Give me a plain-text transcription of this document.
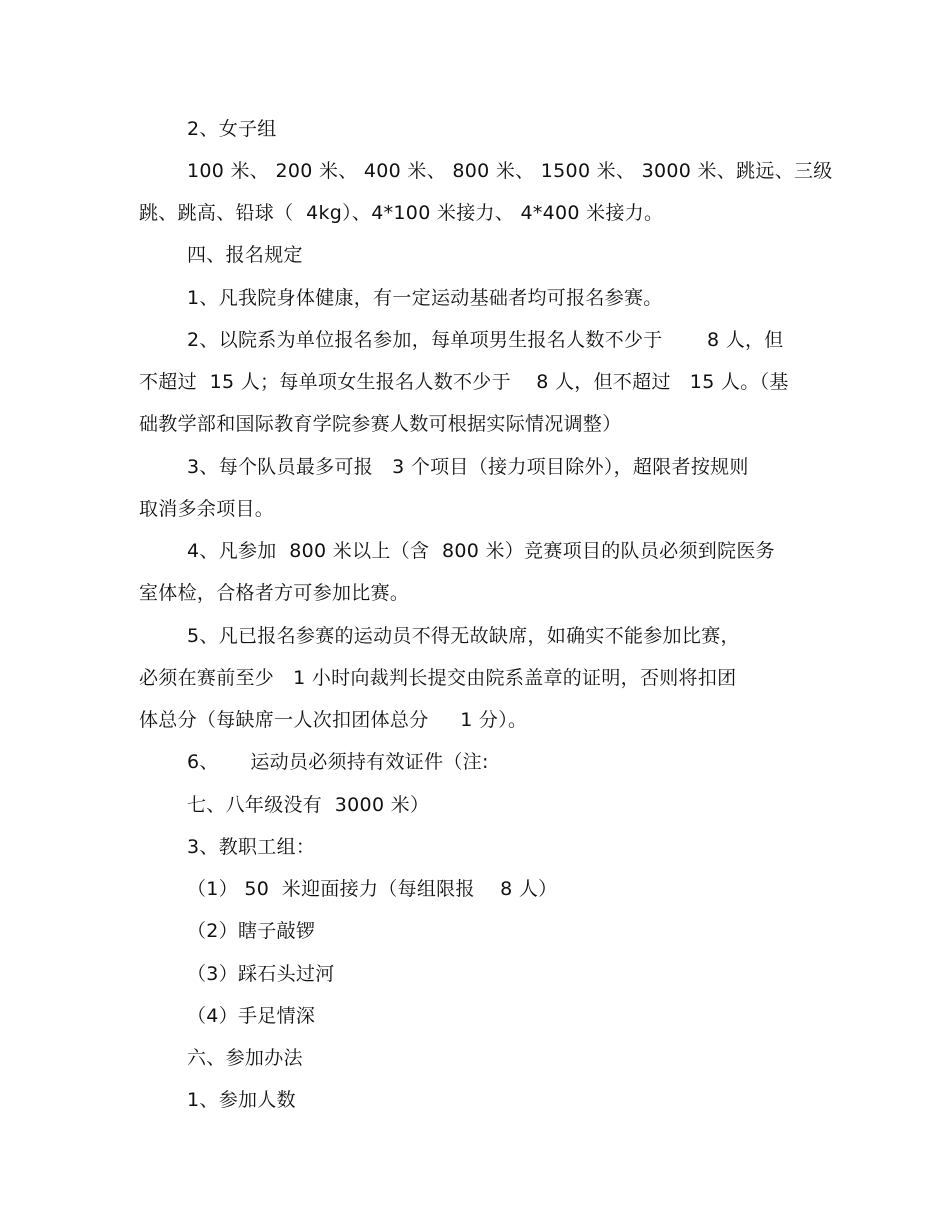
2、女子组
100 米、 200 米、 400 米、 800 米、 1500 米、 3000 米、跳远、三级
跳、跳高、铅球（  4kg）、4*100 米接力、 4*400 米接力。
四、报名规定
1、凡我院身体健康，有一定运动基础者均可报名参赛。
2、以院系为单位报名参加，每单项男生报名人数不少于       8 人，但
不超过  15 人；每单项女生报名人数不少于    8 人，但不超过   15 人。（基
础教学部和国际教育学院参赛人数可根据实际情况调整）
3、每个队员最多可报   3 个项目（接力项目除外），超限者按规则
取消多余项目。
4、凡参加  800 米以上（含  800 米）竞赛项目的队员必须到院医务
室体检，合格者方可参加比赛。
5、凡已报名参赛的运动员不得无故缺席，如确实不能参加比赛，
必须在赛前至少   1 小时向裁判长提交由院系盖章的证明，否则将扣团
体总分（每缺席一人次扣团体总分     1 分）。
6、     运动员必须持有效证件（注:
七、八年级没有  3000 米）
3、教职工组：
（1） 50  米迎面接力（每组限报    8 人）
（2）瞎子敲锣
（3）踩石头过河
（4）手足情深
六、参加办法
1、参加人数
